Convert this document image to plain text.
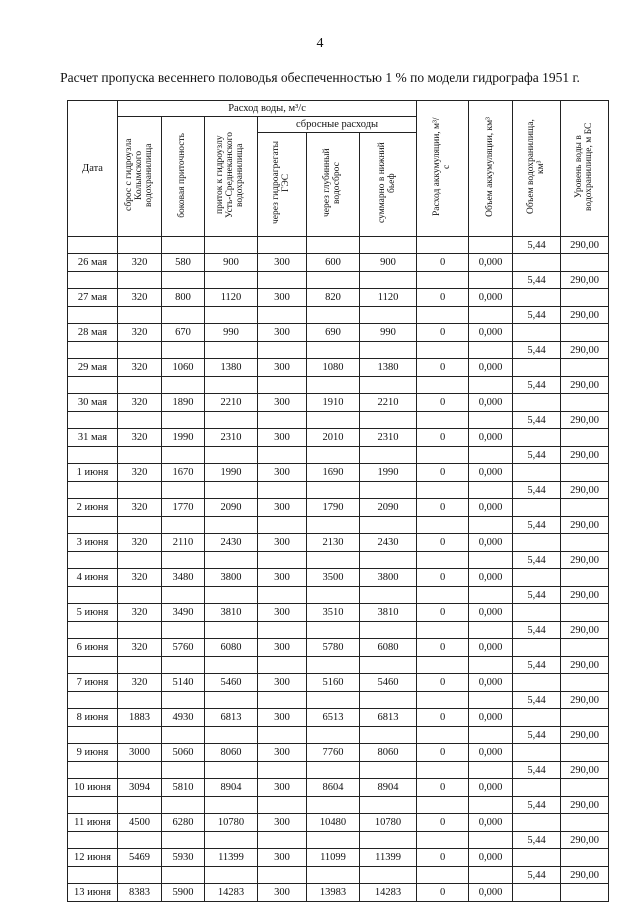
4
Расчет пропуска весеннего половодья обеспеченностью 1 % по модели гидрографа 1951 г.
Дата	Расход воды, м³/с						Расход аккумуляции, м³/с	Объем аккумуляции, км³	Объем водохранилища, км³	Уровень воды в водохранилище, м БС
	сброс с гидроузла Колымского водохранилища	боковая приточность	приток к гидроузлу Усть-Среднеканского водохранилища	сбросные расходы						
				через гидроагрегаты ГЭС	через глубинный водосброс	суммарно в нижний бьеф				
									5,44	290,00
26 мая	320	580	900	300	600	900	0	0,000		
									5,44	290,00
27 мая	320	800	1120	300	820	1120	0	0,000		
									5,44	290,00
28 мая	320	670	990	300	690	990	0	0,000		
									5,44	290,00
29 мая	320	1060	1380	300	1080	1380	0	0,000		
									5,44	290,00
30 мая	320	1890	2210	300	1910	2210	0	0,000		
									5,44	290,00
31 мая	320	1990	2310	300	2010	2310	0	0,000		
									5,44	290,00
1 июня	320	1670	1990	300	1690	1990	0	0,000		
									5,44	290,00
2 июня	320	1770	2090	300	1790	2090	0	0,000		
									5,44	290,00
3 июня	320	2110	2430	300	2130	2430	0	0,000		
									5,44	290,00
4 июня	320	3480	3800	300	3500	3800	0	0,000		
									5,44	290,00
5 июня	320	3490	3810	300	3510	3810	0	0,000		
									5,44	290,00
6 июня	320	5760	6080	300	5780	6080	0	0,000		
									5,44	290,00
7 июня	320	5140	5460	300	5160	5460	0	0,000		
									5,44	290,00
8 июня	1883	4930	6813	300	6513	6813	0	0,000		
									5,44	290,00
9 июня	3000	5060	8060	300	7760	8060	0	0,000		
									5,44	290,00
10 июня	3094	5810	8904	300	8604	8904	0	0,000		
									5,44	290,00
11 июня	4500	6280	10780	300	10480	10780	0	0,000		
									5,44	290,00
12 июня	5469	5930	11399	300	11099	11399	0	0,000		
									5,44	290,00
13 июня	8383	5900	14283	300	13983	14283	0	0,000		
